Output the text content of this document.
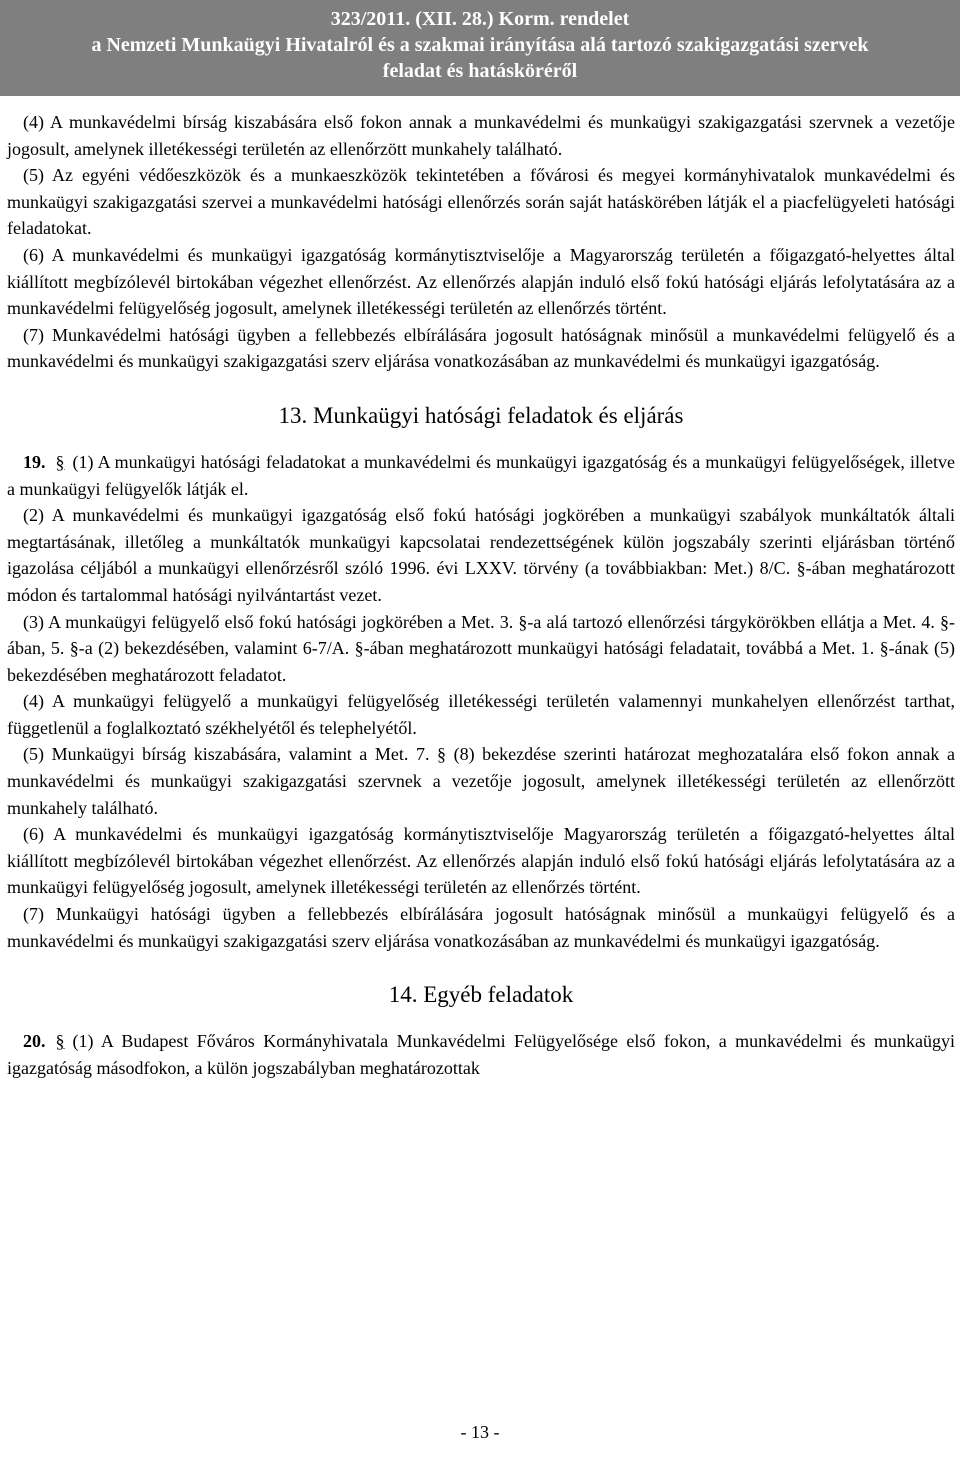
323/2011. (XII. 28.) Korm. rendelet
a Nemzeti Munkaügyi Hivatalról és a szakmai irányítása alá tartozó szakigazgatási szervek
feladat és hatásköréről

(4) A munkavédelmi bírság kiszabására első fokon annak a munkavédelmi és munkaügyi szakigazgatási szervnek a vezetője jogosult, amelynek illetékességi területén az ellenőrzött munkahely található.

(5) Az egyéni védőeszközök és a munkaeszközök tekintetében a fővárosi és megyei kormányhivatalok munkavédelmi és munkaügyi szakigazgatási szervei a munkavédelmi hatósági ellenőrzés során saját hatáskörében látják el a piacfelügyeleti hatósági feladatokat.

(6) A munkavédelmi és munkaügyi igazgatóság kormánytisztviselője a Magyarország területén a főigazgató-helyettes által kiállított megbízólevél birtokában végezhet ellenőrzést. Az ellenőrzés alapján induló első fokú hatósági eljárás lefolytatására az a munkavédelmi felügyelőség jogosult, amelynek illetékességi területén az ellenőrzés történt.

(7) Munkavédelmi hatósági ügyben a fellebbezés elbírálására jogosult hatóságnak minősül a munkavédelmi felügyelő és a munkavédelmi és munkaügyi szakigazgatási szerv eljárása vonatkozásában az munkavédelmi és munkaügyi igazgatóság.

13. Munkaügyi hatósági feladatok és eljárás

19. § (1) A munkaügyi hatósági feladatokat a munkavédelmi és munkaügyi igazgatóság és a munkaügyi felügyelőségek, illetve a munkaügyi felügyelők látják el.

(2) A munkavédelmi és munkaügyi igazgatóság első fokú hatósági jogkörében a munkaügyi szabályok munkáltatók általi megtartásának, illetőleg a munkáltatók munkaügyi kapcsolatai rendezettségének külön jogszabály szerinti eljárásban történő igazolása céljából a munkaügyi ellenőrzésről szóló 1996. évi LXXV. törvény (a továbbiakban: Met.) 8/C. §-ában meghatározott módon és tartalommal hatósági nyilvántartást vezet.

(3) A munkaügyi felügyelő első fokú hatósági jogkörében a Met. 3. §-a alá tartozó ellenőrzési tárgykörökben ellátja a Met. 4. §-ában, 5. §-a (2) bekezdésében, valamint 6-7/A. §-ában meghatározott munkaügyi hatósági feladatait, továbbá a Met. 1. §-ának (5) bekezdésében meghatározott feladatot.

(4) A munkaügyi felügyelő a munkaügyi felügyelőség illetékességi területén valamennyi munkahelyen ellenőrzést tarthat, függetlenül a foglalkoztató székhelyétől és telephelyétől.

(5) Munkaügyi bírság kiszabására, valamint a Met. 7. § (8) bekezdése szerinti határozat meghozatalára első fokon annak a munkavédelmi és munkaügyi szakigazgatási szervnek a vezetője jogosult, amelynek illetékességi területén az ellenőrzött munkahely található.

(6) A munkavédelmi és munkaügyi igazgatóság kormánytisztviselője Magyarország területén a főigazgató-helyettes által kiállított megbízólevél birtokában végezhet ellenőrzést. Az ellenőrzés alapján induló első fokú hatósági eljárás lefolytatására az a munkaügyi felügyelőség jogosult, amelynek illetékességi területén az ellenőrzés történt.

(7) Munkaügyi hatósági ügyben a fellebbezés elbírálására jogosult hatóságnak minősül a munkaügyi felügyelő és a munkavédelmi és munkaügyi szakigazgatási szerv eljárása vonatkozásában az munkavédelmi és munkaügyi igazgatóság.

14. Egyéb feladatok

20. § (1) A Budapest Főváros Kormányhivatala Munkavédelmi Felügyelősége első fokon, a munkavédelmi és munkaügyi igazgatóság másodfokon, a külön jogszabályban meghatározottak

- 13 -
